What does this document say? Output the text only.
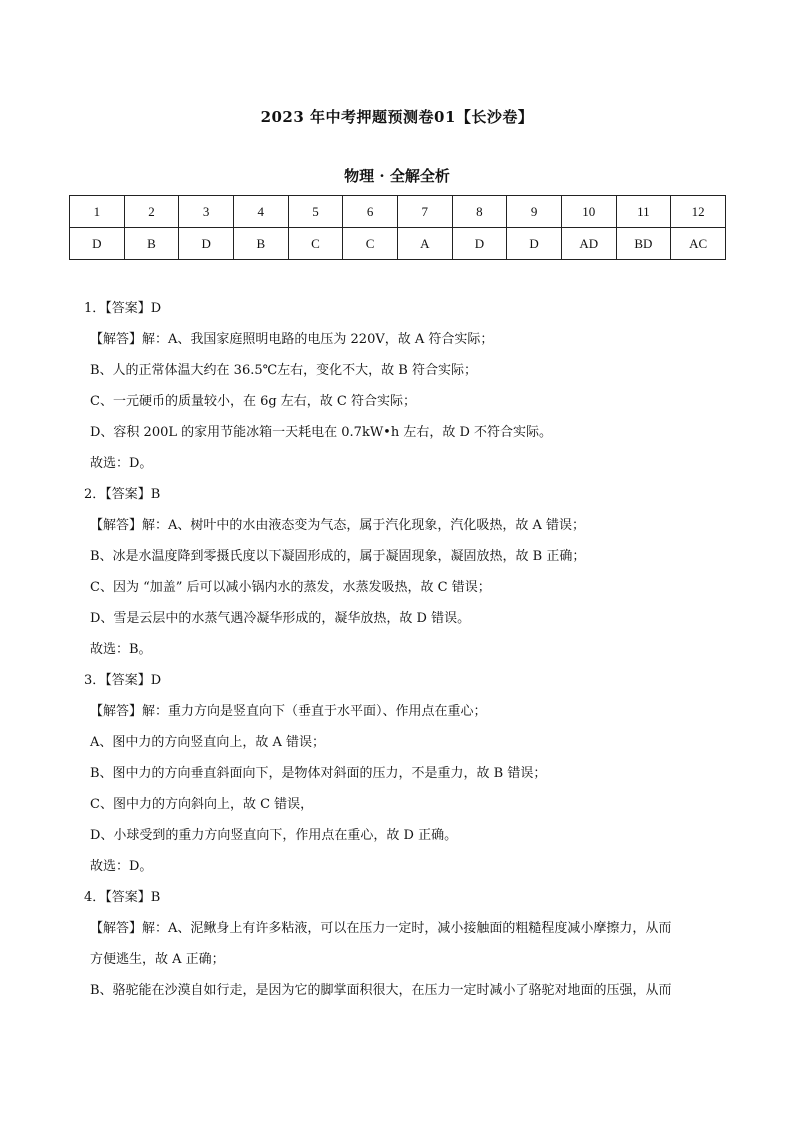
2023 年中考押题预测卷01【长沙卷】
物理 · 全解全析
1	2	3	4	5	6	7	8	9	10	11	12
D	B	D	B	C	C	A	D	D	AD	BD	AC
1．【答案】D
【解答】解：A、我国家庭照明电路的电压为 220V，故 A 符合实际；
B、人的正常体温大约在 36.5℃左右，变化不大，故 B 符合实际；
C、一元硬币的质量较小，在 6g 左右，故 C 符合实际；
D、容积 200L 的家用节能冰箱一天耗电在 0.7kW•h 左右，故 D 不符合实际。
故选：D。
2．【答案】B
【解答】解：A、树叶中的水由液态变为气态，属于汽化现象，汽化吸热，故 A 错误；
B、冰是水温度降到零摄氏度以下凝固形成的，属于凝固现象，凝固放热，故 B 正确；
C、因为 “加盖” 后可以减小锅内水的蒸发，水蒸发吸热，故 C 错误；
D、雪是云层中的水蒸气遇冷凝华形成的，凝华放热，故 D 错误。
故选：B。
3．【答案】D
【解答】解：重力方向是竖直向下（垂直于水平面）、作用点在重心；
A、图中力的方向竖直向上，故 A 错误；
B、图中力的方向垂直斜面向下，是物体对斜面的压力，不是重力，故 B 错误；
C、图中力的方向斜向上，故 C 错误，
D、小球受到的重力方向竖直向下，作用点在重心，故 D 正确。
故选：D。
4．【答案】B
【解答】解：A、泥鳅身上有许多粘液，可以在压力一定时，减小接触面的粗糙程度减小摩擦力，从而
方便逃生，故 A 正确；
B、骆驼能在沙漠自如行走，是因为它的脚掌面积很大，在压力一定时减小了骆驼对地面的压强，从而
